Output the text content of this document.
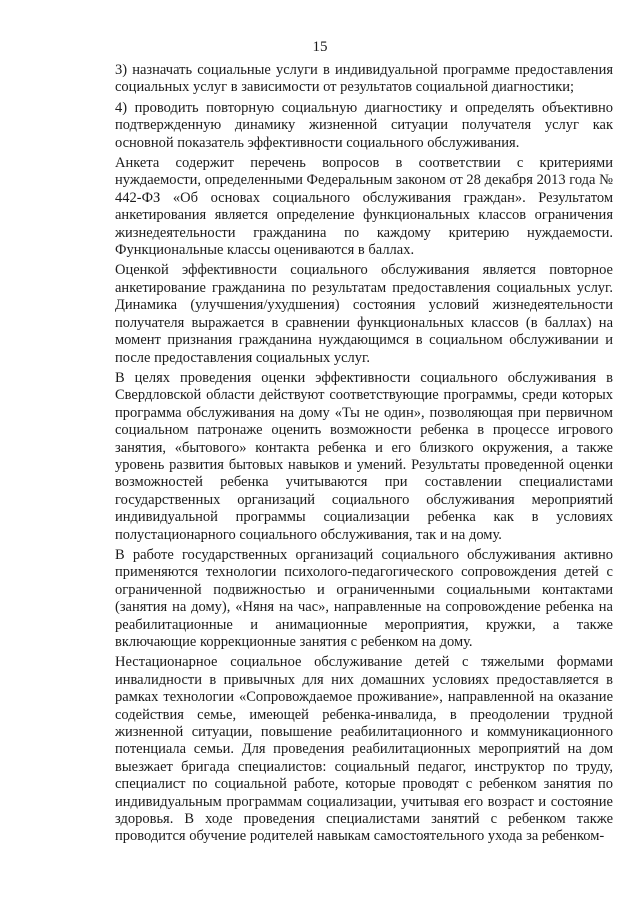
15

3) назначать социальные услуги в индивидуальной программе предоставления социальных услуг в зависимости от результатов социальной диагностики;

4) проводить повторную социальную диагностику и определять объективно подтвержденную динамику жизненной ситуации получателя услуг как основной показатель эффективности социального обслуживания.

Анкета содержит перечень вопросов в соответствии с критериями нуждаемости, определенными Федеральным законом от 28 декабря 2013 года № 442-ФЗ «Об основах социального обслуживания граждан». Результатом анкетирования является определение функциональных классов ограничения жизнедеятельности гражданина по каждому критерию нуждаемости. Функциональные классы оцениваются в баллах.

Оценкой эффективности социального обслуживания является повторное анкетирование гражданина по результатам предоставления социальных услуг. Динамика (улучшения/ухудшения) состояния условий жизнедеятельности получателя выражается в сравнении функциональных классов (в баллах) на момент признания гражданина нуждающимся в социальном обслуживании и после предоставления социальных услуг.

В целях проведения оценки эффективности социального обслуживания в Свердловской области действуют соответствующие программы, среди которых программа обслуживания на дому «Ты не один», позволяющая при первичном социальном патронаже оценить возможности ребенка в процессе игрового занятия, «бытового» контакта ребенка и его близкого окружения, а также уровень развития бытовых навыков и умений. Результаты проведенной оценки возможностей ребенка учитываются при составлении специалистами государственных организаций социального обслуживания мероприятий индивидуальной программы социализации ребенка как в условиях полустационарного социального обслуживания, так и на дому.

В работе государственных организаций социального обслуживания активно применяются технологии психолого-педагогического сопровождения детей с ограниченной подвижностью и ограниченными социальными контактами (занятия на дому), «Няня на час», направленные на сопровождение ребенка на реабилитационные и анимационные мероприятия, кружки, а также включающие коррекционные занятия с ребенком на дому.

Нестационарное социальное обслуживание детей с тяжелыми формами инвалидности в привычных для них домашних условиях предоставляется в рамках технологии «Сопровождаемое проживание», направленной на оказание содействия семье, имеющей ребенка-инвалида, в преодолении трудной жизненной ситуации, повышение реабилитационного и коммуникационного потенциала семьи. Для проведения реабилитационных мероприятий на дом выезжает бригада специалистов: социальный педагог, инструктор по труду, специалист по социальной работе, которые проводят с ребенком занятия по индивидуальным программам социализации, учитывая его возраст и состояние здоровья. В ходе проведения специалистами занятий с ребенком также проводится обучение родителей навыкам самостоятельного ухода за ребенком-
